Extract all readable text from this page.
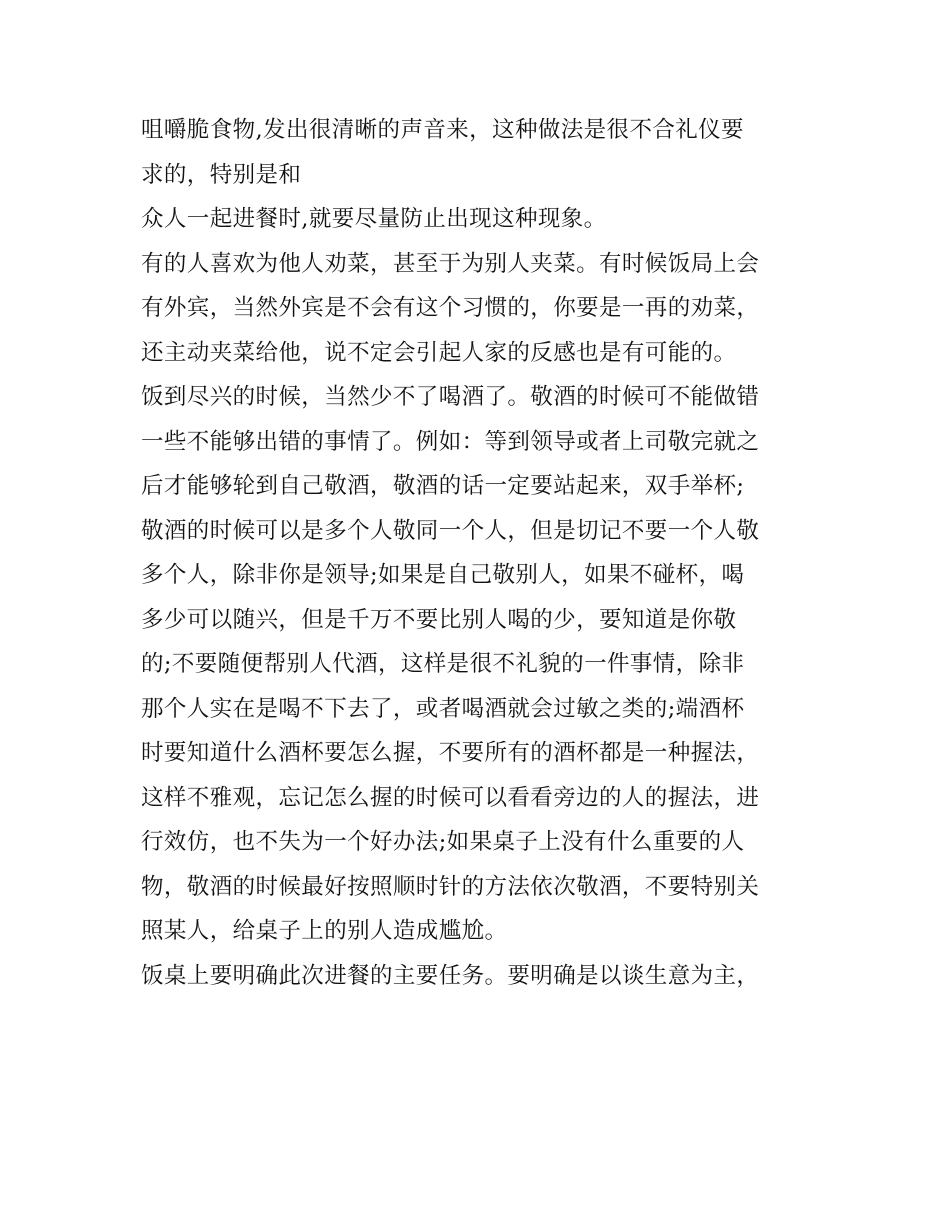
咀嚼脆食物,发出很清晰的声音来，这种做法是很不合礼仪要
求的，特别是和
众人一起进餐时,就要尽量防止出现这种现象。
有的人喜欢为他人劝菜，甚至于为别人夹菜。有时候饭局上会
有外宾，当然外宾是不会有这个习惯的，你要是一再的劝菜，
还主动夹菜给他，说不定会引起人家的反感也是有可能的。
饭到尽兴的时候，当然少不了喝酒了。敬酒的时候可不能做错
一些不能够出错的事情了。例如：等到领导或者上司敬完就之
后才能够轮到自己敬酒，敬酒的话一定要站起来，双手举杯;
敬酒的时候可以是多个人敬同一个人，但是切记不要一个人敬
多个人，除非你是领导;如果是自己敬别人，如果不碰杯，喝
多少可以随兴，但是千万不要比别人喝的少，要知道是你敬
的;不要随便帮别人代酒，这样是很不礼貌的一件事情，除非
那个人实在是喝不下去了，或者喝酒就会过敏之类的;端酒杯
时要知道什么酒杯要怎么握，不要所有的酒杯都是一种握法，
这样不雅观，忘记怎么握的时候可以看看旁边的人的握法，进
行效仿，也不失为一个好办法;如果桌子上没有什么重要的人
物，敬酒的时候最好按照顺时针的方法依次敬酒，不要特别关
照某人，给桌子上的别人造成尴尬。
饭桌上要明确此次进餐的主要任务。要明确是以谈生意为主，
